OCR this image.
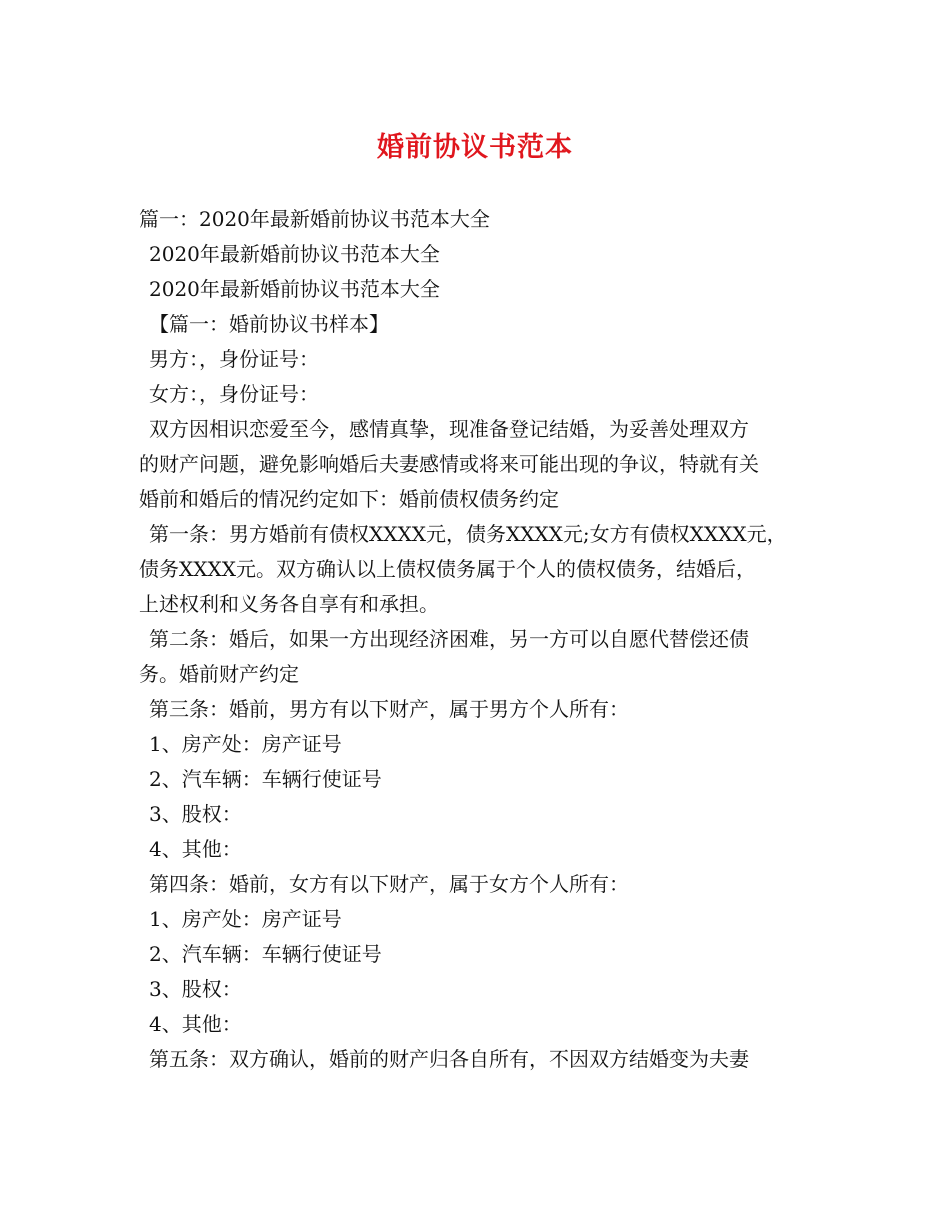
婚前协议书范本
篇一：2020年最新婚前协议书范本大全
2020年最新婚前协议书范本大全
2020年最新婚前协议书范本大全
【篇一：婚前协议书样本】
男方：，身份证号：
女方：，身份证号：
双方因相识恋爱至今，感情真挚，现准备登记结婚，为妥善处理双方
的财产问题，避免影响婚后夫妻感情或将来可能出现的争议，特就有关
婚前和婚后的情况约定如下：婚前债权债务约定
第一条：男方婚前有债权XXXX元，债务XXXX元;女方有债权XXXX元，
债务XXXX元。双方确认以上债权债务属于个人的债权债务，结婚后，
上述权利和义务各自享有和承担。
第二条：婚后，如果一方出现经济困难，另一方可以自愿代替偿还债
务。婚前财产约定
第三条：婚前，男方有以下财产，属于男方个人所有：
1、房产处：房产证号
2、汽车辆：车辆行使证号
3、股权：
4、其他：
第四条：婚前，女方有以下财产，属于女方个人所有：
1、房产处：房产证号
2、汽车辆：车辆行使证号
3、股权：
4、其他：
第五条：双方确认，婚前的财产归各自所有，不因双方结婚变为夫妻
